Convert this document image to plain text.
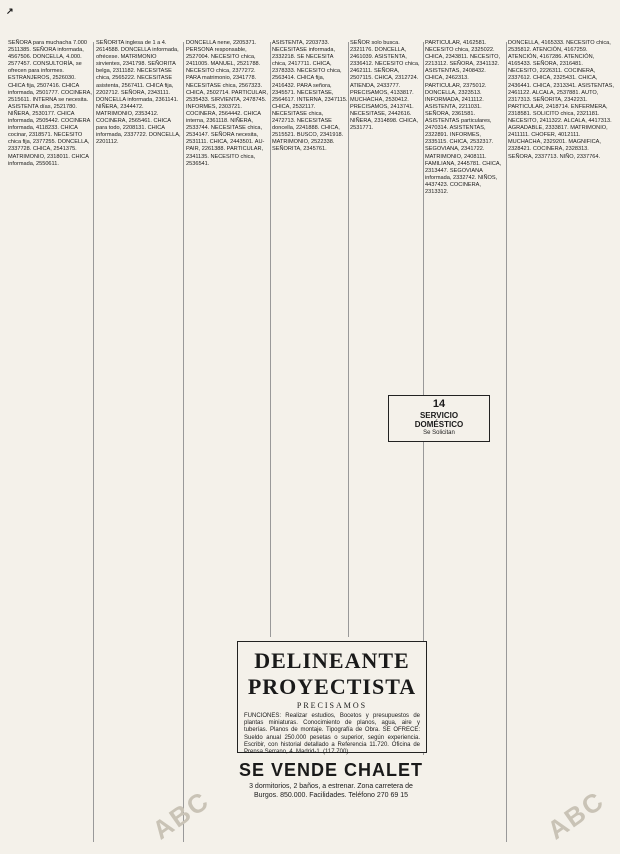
↗

SEÑORA para muchacha 7.000 2511385. SEÑORA informada, 4567506. DONCELLA, 4.000. 2577457. CONSULTORÍA, se ofrecen para informes. ESTRANJEROS, 2526030. CHICA fija, 2507416. CHICA informada, 2501777. COCINERA, 2515611. INTERNA se necesita. ASISTENTA días, 2521780. NIÑERA, 2530177. CHICA informada, 2505442. COCINERA informada, 4118233. CHICA cocinar, 2318571. NECESITO chica fija, 2377255. DONCELLA, 2337728. CHICA, 2541375. MATRIMONIO, 2318011. CHICA informada, 2550611.

SEÑORITA inglesa de 1 a 4. 2614588. DONCELLA informada, ofrécese. MATRIMONIO sirvientes, 2341798. SEÑORITA belga, 2311182. NECESITASE chica, 2565222. NECESITASE asistenta, 2567411. CHICA fija, 2202712. SEÑORA, 2343111. DONCELLA informada, 2361141. NIÑERA, 2344472. MATRIMONIO, 2353412. COCINERA, 2565461. CHICA para todo, 2208131. CHICA informada, 2337722. DONCELLA, 2201112.

DONCELLA nene, 2205371. PERSONA responsable, 2527004. NECESITO chica, 2411005. MANUEL, 2521788. NECESITO chica, 2377272. PARA matrimonio, 2341778. NECESITASE chica, 2567323. CHICA, 2502714. PARTICULAR, 2535433. SIRVIENTA, 2478745. INFORMES, 2303721. COCINERA, 2564442. CHICA interna, 2361118. NIÑERA, 2533744. NECESITASE chica, 2534147. SEÑORA necesita, 2531111. CHICA, 2443501. AU-PAIR, 2261388. PARTICULAR, 2341135. NECESITO chica, 2536541.

ASISTENTA, 2203733. NECESITASE informada, 2332218. SE NECESITA chica, 2417711. CHICA, 2378333. NECESITO chica, 2563414. CHICA fija, 2416432. PARA señora, 2345571. NECESITASE, 2564617. INTERNA, 2347115. CHICA, 2532117. NECESITASE chica, 2472713. NECESITASE doncella, 2241888. CHICA, 2515521. BUSCO, 2341918. MATRIMONIO, 2522338. SEÑORITA, 2345761.

SEÑOR solo busca. 2321176. DONCELLA, 2461039. ASISTENTA, 2336412. NECESITO chica, 2462111. SEÑORA, 2507115. CHICA, 2312724. ATIENDA, 2433777. PRECISAMOS, 4133817. MUCHACHA, 2530412. PRECISAMOS, 2413741. NECESITASE, 2442616. NIÑERA, 2314898. CHICA, 2531771.

PARTICULAR, 4162581. NECESITO chica, 2325022. CHICA, 2343811. NECESITO, 2213112. SEÑORA, 2341132. ASISTENTAS, 2408432. CHICA, 2462313. PARTICULAR, 2375012. DONCELLA, 2323513. INFORMADA, 2411112. ASISTENTA, 2211031. SEÑORA, 2361581. ASISTENTAS particulares, 2470314. ASISTENTAS, 2322891. INFORMES, 2335115. CHICA, 2532317. SEGOVIANA, 2341722. MATRIMONIO, 2408111. FAMILIANA, 2445781. CHICA, 2313447. SEGOVIANA informada, 2332742. NIÑOS, 4437423. COCINERA, 2313312.

DONCELLA, 4165333. NECESITO chica, 2535812. ATENCIÓN, 4167259. ATENCIÓN, 4167286. ATENCIÓN, 4165433. SEÑORA, 2316481. NECESITO, 2226311. COCINERA, 2337612. CHICA, 2325431. CHICA, 2436441. CHICA, 2313341. ASISTENTAS, 2461122. ALCALA, 2537881. AUTO, 2317313. SEÑORITA, 2342231. PARTICULAR, 2418714. ENFERMERA, 2318581. SOLICITO chica, 2321181. NECESITO, 2411322. ALCALA, 4417313. AGRADABLE, 2333817. MATRIMONIO, 2411111. CHOFER, 4012111. MUCHACHA, 2329201. MAGNIFICA, 2328421. COCINERA, 2328313. SEÑORA, 2337713. NIÑO, 2337764.

14
SERVICIO
DOMÉSTICO
Se Solicitan
DELINEANTE PROYECTISTA
PRECISAMOS
FUNCIONES: Realizar estudios, Bocetos y presupuestos de plantas miniaturas. Conocimiento de planos, agua, aire y tuberías. Planos de montaje. Tipografía de Obra. SE OFRECE: Sueldo anual 250.000 pesetas o superior, según experiencia. Escribir, con historial detallado a Referencia 11.720. Oficina de Prensa Serrano, 4. Madrid-1. (117.700)
SE VENDE CHALET
3 dormitorios, 2 baños, a estrenar. Zona carretera de Burgos. 850.000. Facilidades. Teléfono 270 69 15
ABC	ABC
